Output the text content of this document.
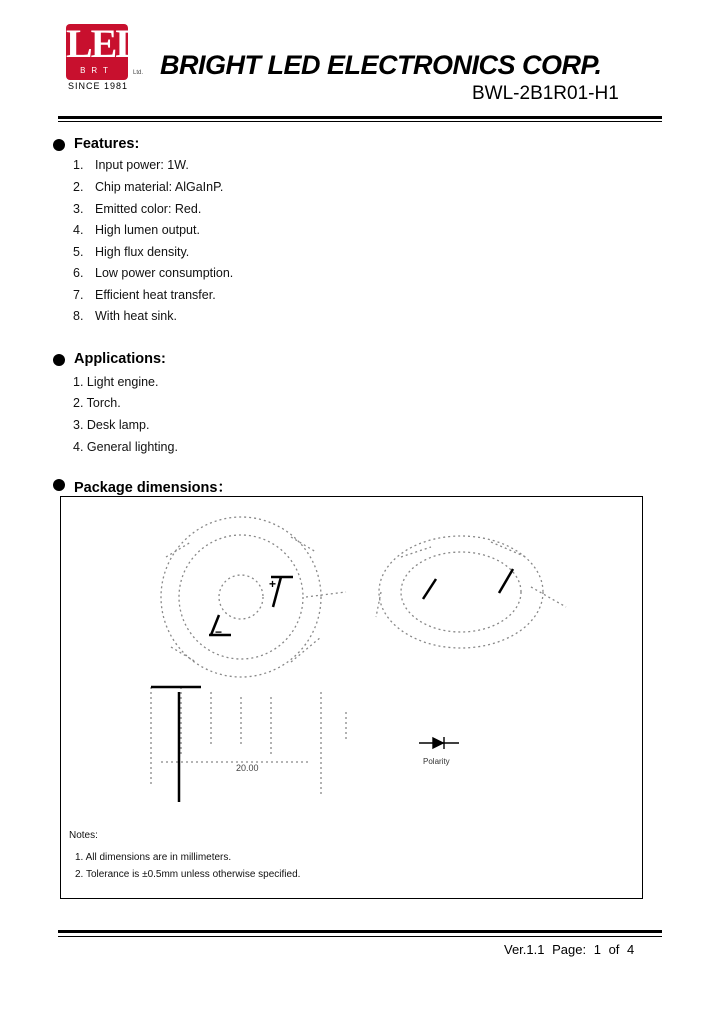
LED
BRT	Ltd.
SINCE 1981
BRIGHT LED ELECTRONICS CORP.
BWL-2B1R01-H1
Features:
1. Input power: 1W.
2. Chip material: AlGaInP.
3. Emitted color: Red.
4. High lumen output.
5. High flux density.
6. Low power consumption.
7. Efficient heat transfer.
8. With heat sink.
Applications:
1. Light engine.
2. Torch.
3. Desk lamp.
4. General lighting.
Package dimensions：
+
−
20.00
Polarity
Notes:
1. All dimensions are in millimeters.
2. Tolerance is ±0.5mm unless otherwise specified.
Ver.1.1 Page: 1 of 4
